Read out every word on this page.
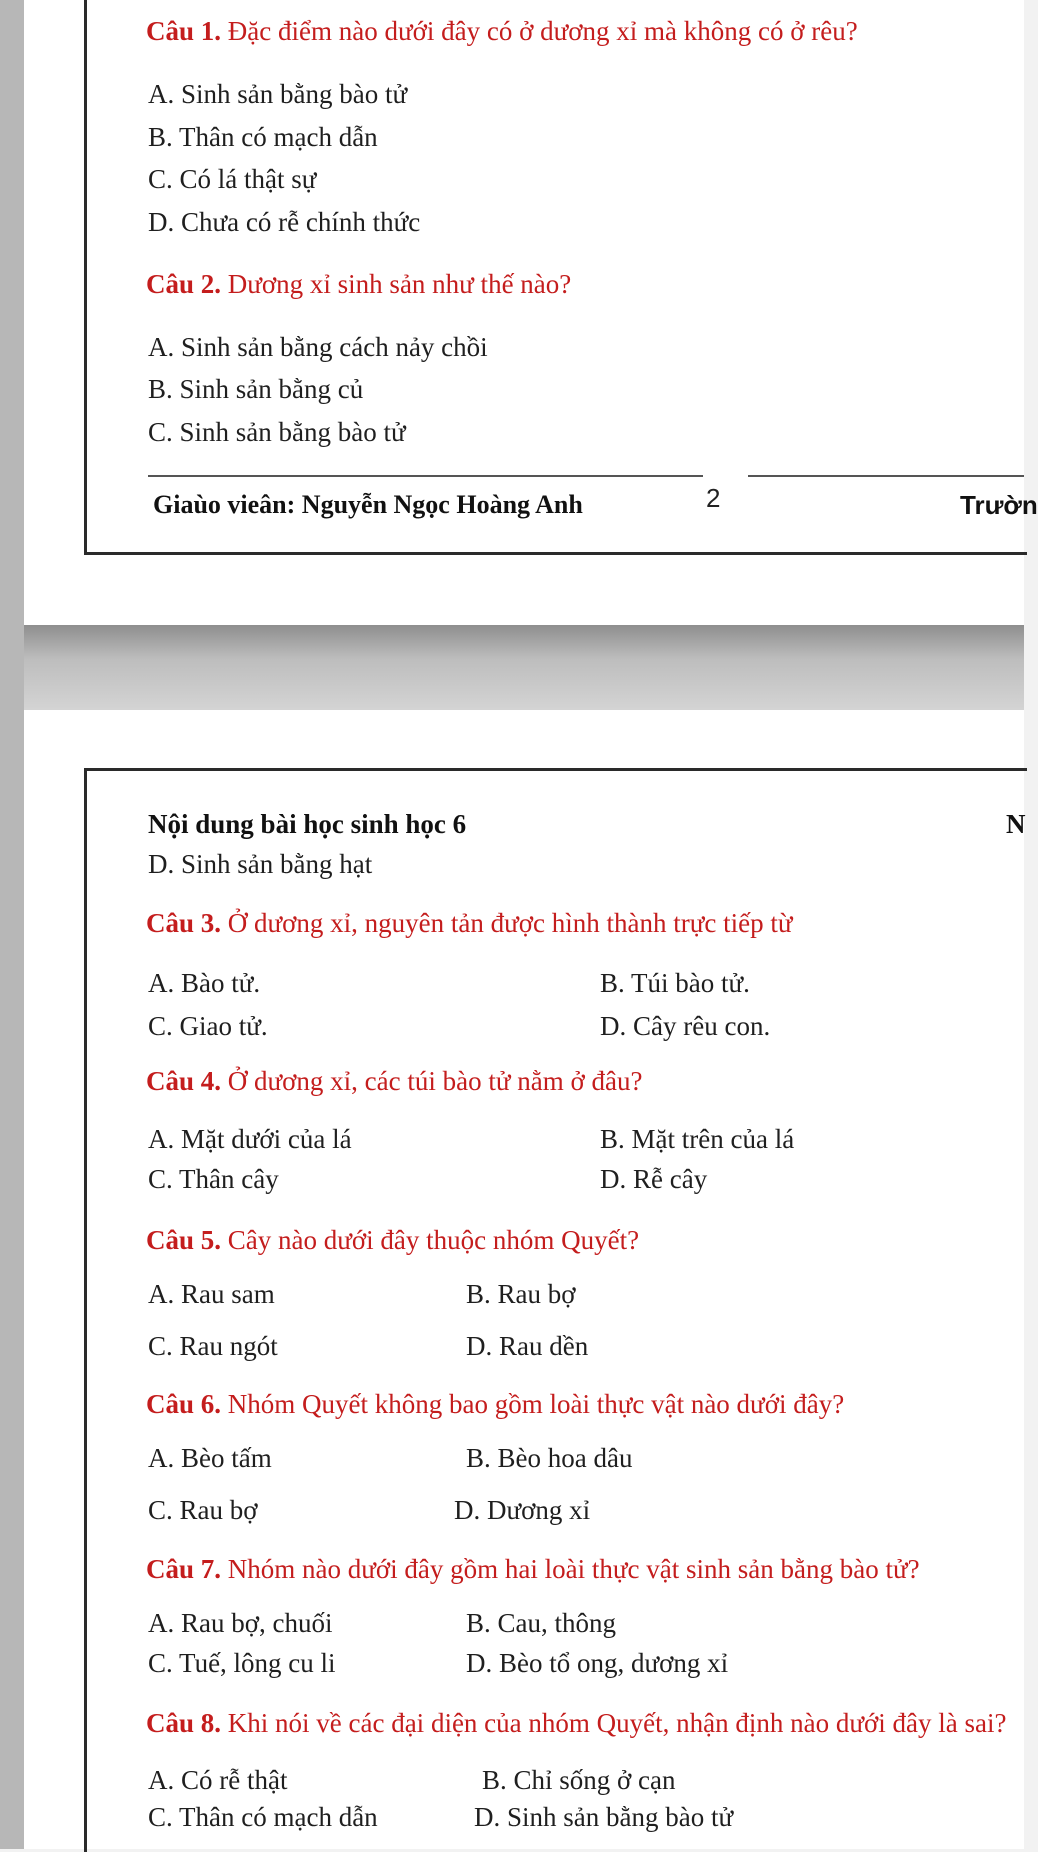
Câu 1. Đặc điểm nào dưới đây có ở dương xỉ mà không có ở rêu?
A. Sinh sản bằng bào tử
B. Thân có mạch dẫn
C. Có lá thật sự
D. Chưa có rễ chính thức
Câu 2. Dương xỉ sinh sản như thế nào?
A. Sinh sản bằng cách nảy chồi
B. Sinh sản bằng củ
C. Sinh sản bằng bào tử
Giaùo vieân: Nguyễn Ngọc Hoàng Anh	2	Trườn
Nội dung bài học sinh học 6	N
D. Sinh sản bằng hạt
Câu 3. Ở dương xỉ, nguyên tản được hình thành trực tiếp từ
A. Bào tử.	B. Túi bào tử.
C. Giao tử.	D. Cây rêu con.
Câu 4. Ở dương xỉ, các túi bào tử nằm ở đâu?
A. Mặt dưới của lá	B. Mặt trên của lá
C. Thân cây	D. Rễ cây
Câu 5. Cây nào dưới đây thuộc nhóm Quyết?
A. Rau sam	B. Rau bợ
C. Rau ngót	D. Rau dền
Câu 6. Nhóm Quyết không bao gồm loài thực vật nào dưới đây?
A. Bèo tấm	B. Bèo hoa dâu
C. Rau bợ	D. Dương xỉ
Câu 7. Nhóm nào dưới đây gồm hai loài thực vật sinh sản bằng bào tử?
A. Rau bợ, chuối	B. Cau, thông
C. Tuế, lông cu li	D. Bèo tổ ong, dương xỉ
Câu 8. Khi nói về các đại diện của nhóm Quyết, nhận định nào dưới đây là sai?
A. Có rễ thật	B. Chỉ sống ở cạn
C. Thân có mạch dẫn	D. Sinh sản bằng bào tử
